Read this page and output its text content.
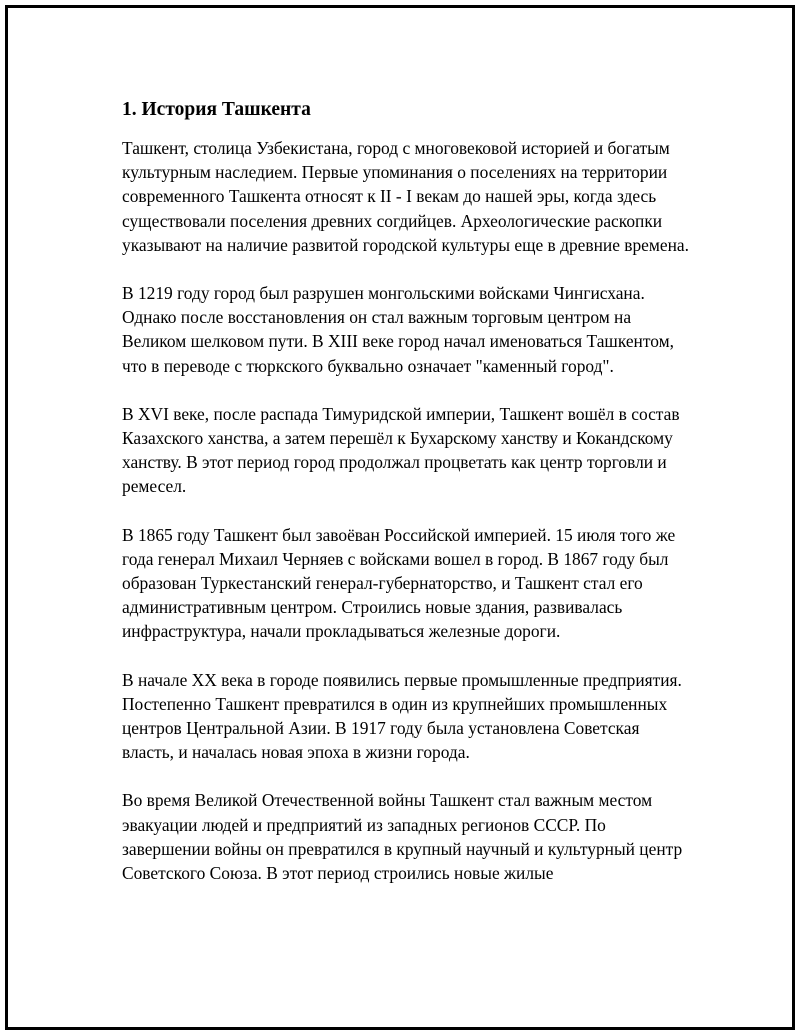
1. История Ташкента

Ташкент, столица Узбекистана, город с многовековой историей и богатым культурным наследием. Первые упоминания о поселениях на территории современного Ташкента относят к II - I векам до нашей эры, когда здесь существовали поселения древних согдийцев. Археологические раскопки указывают на наличие развитой городской культуры еще в древние времена.

В 1219 году город был разрушен монгольскими войсками Чингисхана. Однако после восстановления он стал важным торговым центром на Великом шелковом пути. В XIII веке город начал именоваться Ташкентом, что в переводе с тюркского буквально означает "каменный город".

В XVI веке, после распада Тимуридской империи, Ташкент вошёл в состав Казахского ханства, а затем перешёл к Бухарскому ханству и Кокандскому ханству. В этот период город продолжал процветать как центр торговли и ремесел.

В 1865 году Ташкент был завоёван Российской империей. 15 июля того же года генерал Михаил Черняев с войсками вошел в город. В 1867 году был образован Туркестанский генерал-губернаторство, и Ташкент стал его административным центром. Строились новые здания, развивалась инфраструктура, начали прокладываться железные дороги.

В начале XX века в городе появились первые промышленные предприятия. Постепенно Ташкент превратился в один из крупнейших промышленных центров Центральной Азии. В 1917 году была установлена Советская власть, и началась новая эпоха в жизни города.

Во время Великой Отечественной войны Ташкент стал важным местом эвакуации людей и предприятий из западных регионов СССР. По завершении войны он превратился в крупный научный и культурный центр Советского Союза. В этот период строились новые жилые
